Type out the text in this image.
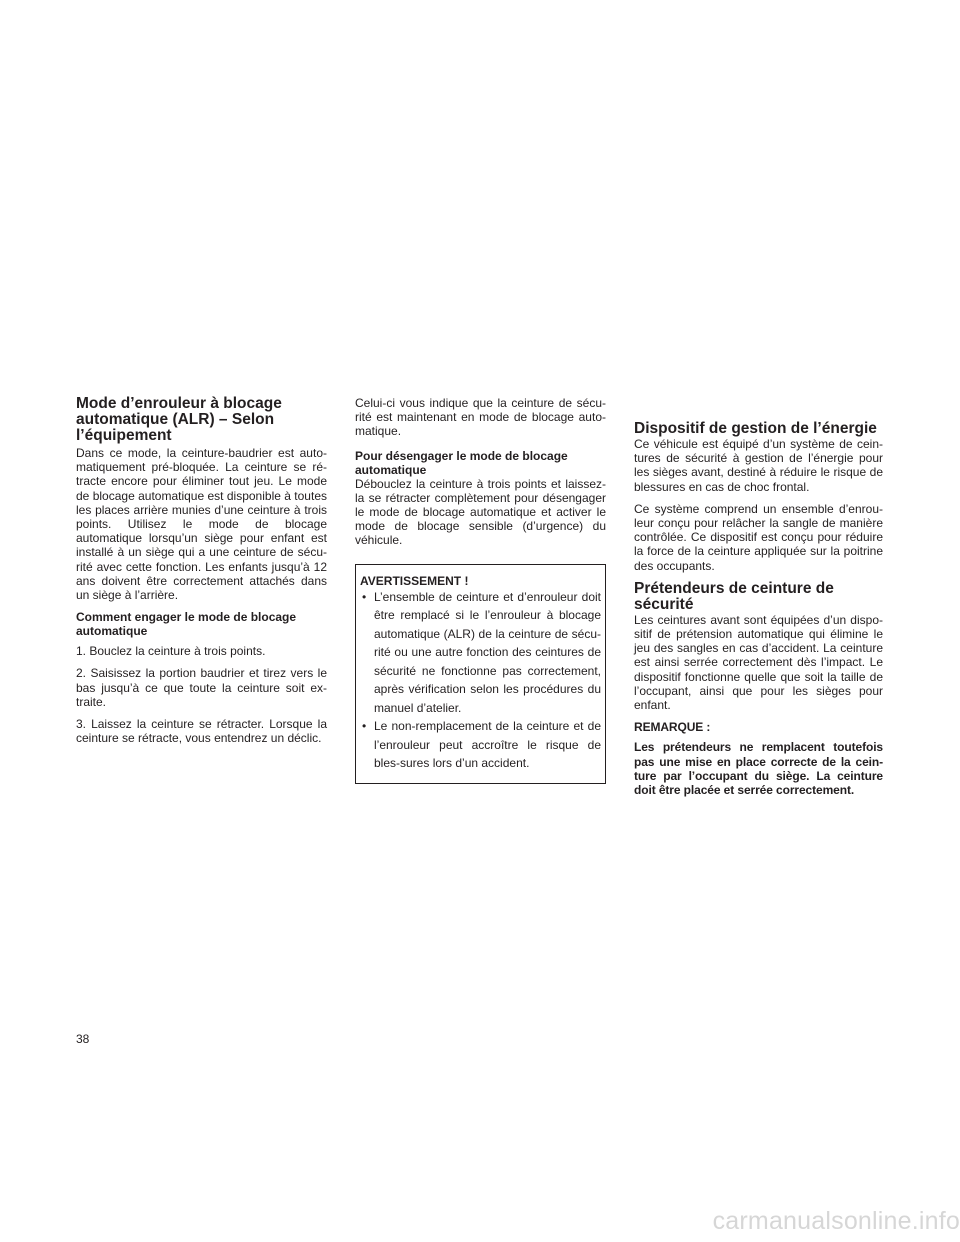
Mode d’enrouleur à blocage automatique (ALR) – Selon l’équipement

Dans ce mode, la ceinture-baudrier est auto-matiquement pré-bloquée. La ceinture se ré-tracte encore pour éliminer tout jeu. Le mode de blocage automatique est disponible à toutes les places arrière munies d’une ceinture à trois points. Utilisez le mode de blocage automatique lorsqu’un siège pour enfant est installé à un siège qui a une ceinture de sécu-rité avec cette fonction. Les enfants jusqu’à 12 ans doivent être correctement attachés dans un siège à l’arrière.

Comment engager le mode de blocage automatique

1. Bouclez la ceinture à trois points.

2. Saisissez la portion baudrier et tirez vers le bas jusqu’à ce que toute la ceinture soit ex-traite.

3. Laissez la ceinture se rétracter. Lorsque la ceinture se rétracte, vous entendrez un déclic.

Celui-ci vous indique que la ceinture de sécu-rité est maintenant en mode de blocage auto-matique.

Pour désengager le mode de blocage automatique

Débouclez la ceinture à trois points et laissez-la se rétracter complètement pour désengager le mode de blocage automatique et activer le mode de blocage sensible (d’urgence) du véhicule.

AVERTISSEMENT !
• L’ensemble de ceinture et d’enrouleur doit être remplacé si le l’enrouleur à blocage automatique (ALR) de la ceinture de sécu-rité ou une autre fonction des ceintures de sécurité ne fonctionne pas correctement, après vérification selon les procédures du manuel d’atelier.
• Le non-remplacement de la ceinture et de l’enrouleur peut accroître le risque de bles-sures lors d’un accident.
Dispositif de gestion de l’énergie

Ce véhicule est équipé d’un système de cein-tures de sécurité à gestion de l’énergie pour les sièges avant, destiné à réduire le risque de blessures en cas de choc frontal.

Ce système comprend un ensemble d’enrou-leur conçu pour relâcher la sangle de manière contrôlée. Ce dispositif est conçu pour réduire la force de la ceinture appliquée sur la poitrine des occupants.

Prétendeurs de ceinture de sécurité

Les ceintures avant sont équipées d’un dispo-sitif de prétension automatique qui élimine le jeu des sangles en cas d’accident. La ceinture est ainsi serrée correctement dès l’impact. Le dispositif fonctionne quelle que soit la taille de l’occupant, ainsi que pour les sièges pour enfant.

REMARQUE :

Les prétendeurs ne remplacent toutefois pas une mise en place correcte de la cein-ture par l’occupant du siège. La ceinture doit être placée et serrée correctement.

38
carmanualsonline.info
